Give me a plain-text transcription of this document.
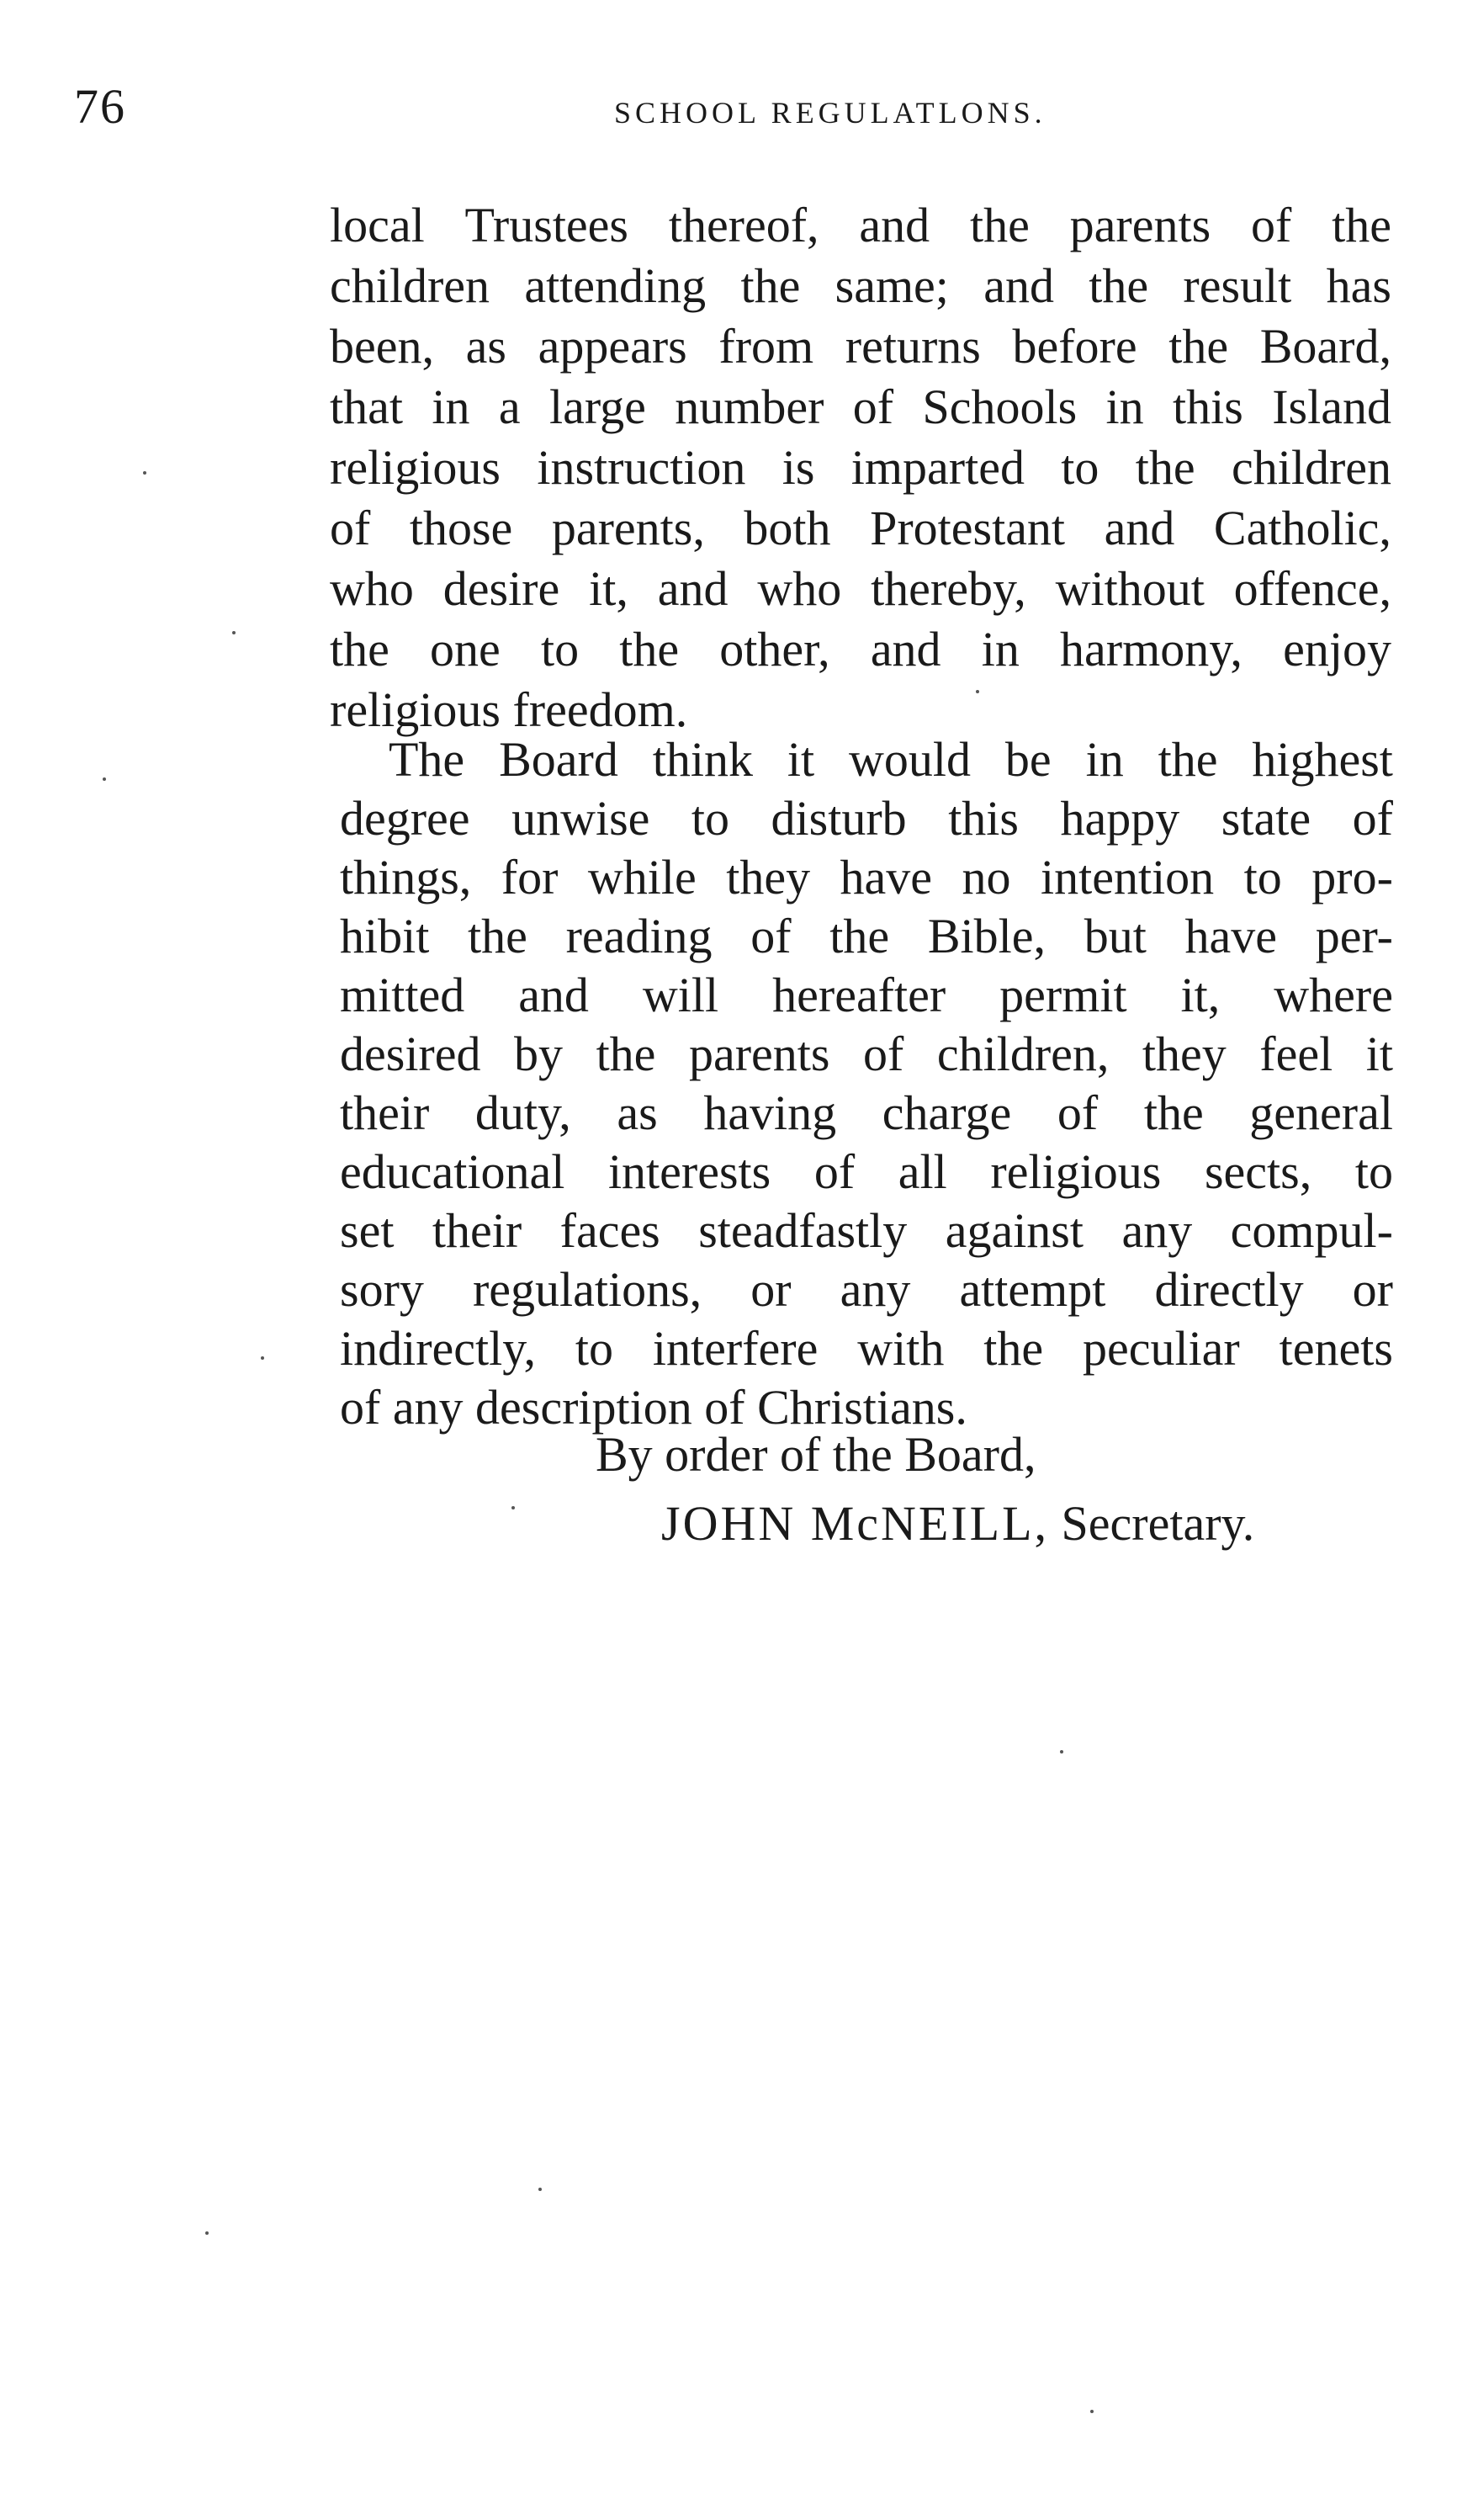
76	SCHOOL REGULATLONS.
local Trustees thereof, and the parents of the
children attending the same; and the result has
been, as appears from returns before the Board,
that in a large number of Schools in this Island
religious instruction is imparted to the children
of those parents, both Protestant and Catholic,
who desire it, and who thereby, without offence,
the one to the other, and in harmony, enjoy
religious freedom.
The Board think it would be in the highest
degree unwise to disturb this happy state of
things, for while they have no intention to pro-
hibit the reading of the Bible, but have per-
mitted and will hereafter permit it, where
desired by the parents of children, they feel it
their duty, as having charge of the general
educational interests of all religious sects, to
set their faces steadfastly against any compul-
sory regulations, or any attempt directly or
indirectly, to interfere with the peculiar tenets
of any description of Christians.
By order of the Board,
JOHN McNEILL, Secretary.
